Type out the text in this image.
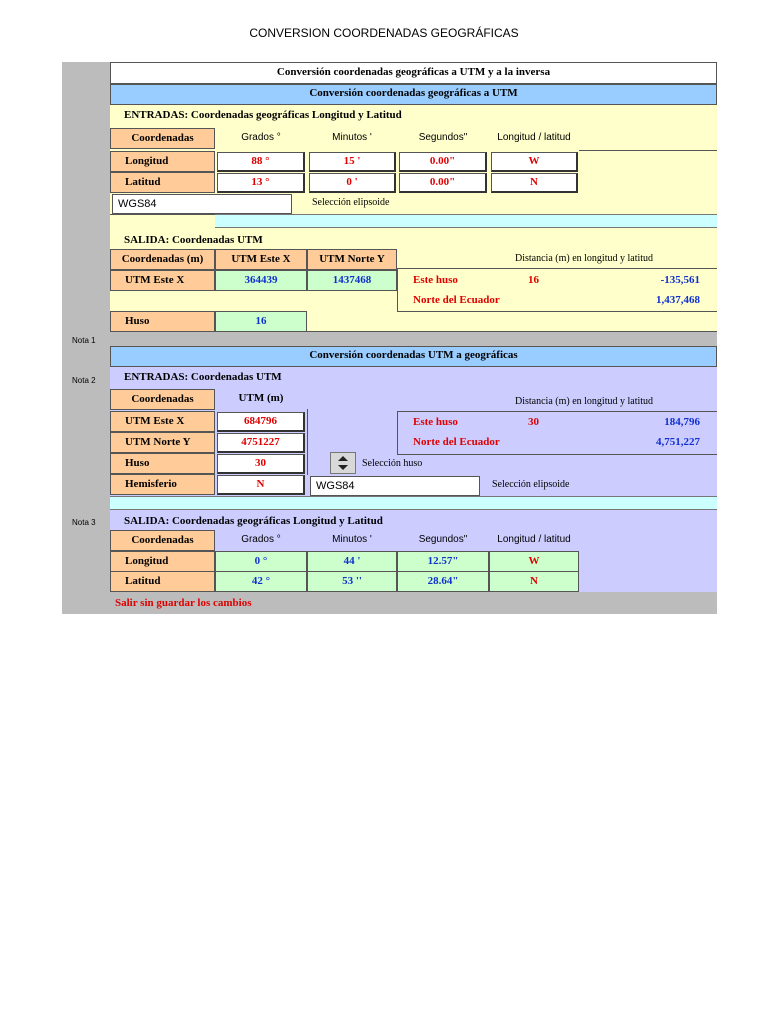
CONVERSION COORDENADAS GEOGRÁFICAS
Nota 1
Nota 2
Nota 3
Conversión coordenadas geográficas a UTM y a la inversa
Conversión coordenadas geográficas a UTM
ENTRADAS: Coordenadas geográficas Longitud y Latitud
Coordenadas	Grados °	Minutos '	Segundos"	Longitud / latitud
Longitud	88 °	15 '	0.00"	W
Latitud	13 °	0 '	0.00"	N
WGS84	Selección elipsoide
SALIDA: Coordenadas UTM
Coordenadas (m)	UTM Este X	UTM Norte Y	Distancia (m) en longitud y latitud
UTM Este X	364439	1437468	Este huso	16	-135,561
Norte del Ecuador	1,437,468
Huso	16
Conversión coordenadas UTM a geográficas
ENTRADAS: Coordenadas UTM
Coordenadas	UTM (m)
UTM Este X	684796
UTM Norte Y	4751227
Huso	30
Hemisferio	N
Distancia (m) en longitud y latitud
Este huso	30	184,796
Norte del Ecuador	4,751,227
Selección huso
WGS84	Selección elipsoide
SALIDA: Coordenadas geográficas Longitud y Latitud
Coordenadas	Grados °	Minutos '	Segundos"	Longitud / latitud
Longitud	0 °	44 '	12.57"	W
Latitud	42 °	53 ''	28.64"	N
Salir sin guardar los cambios
